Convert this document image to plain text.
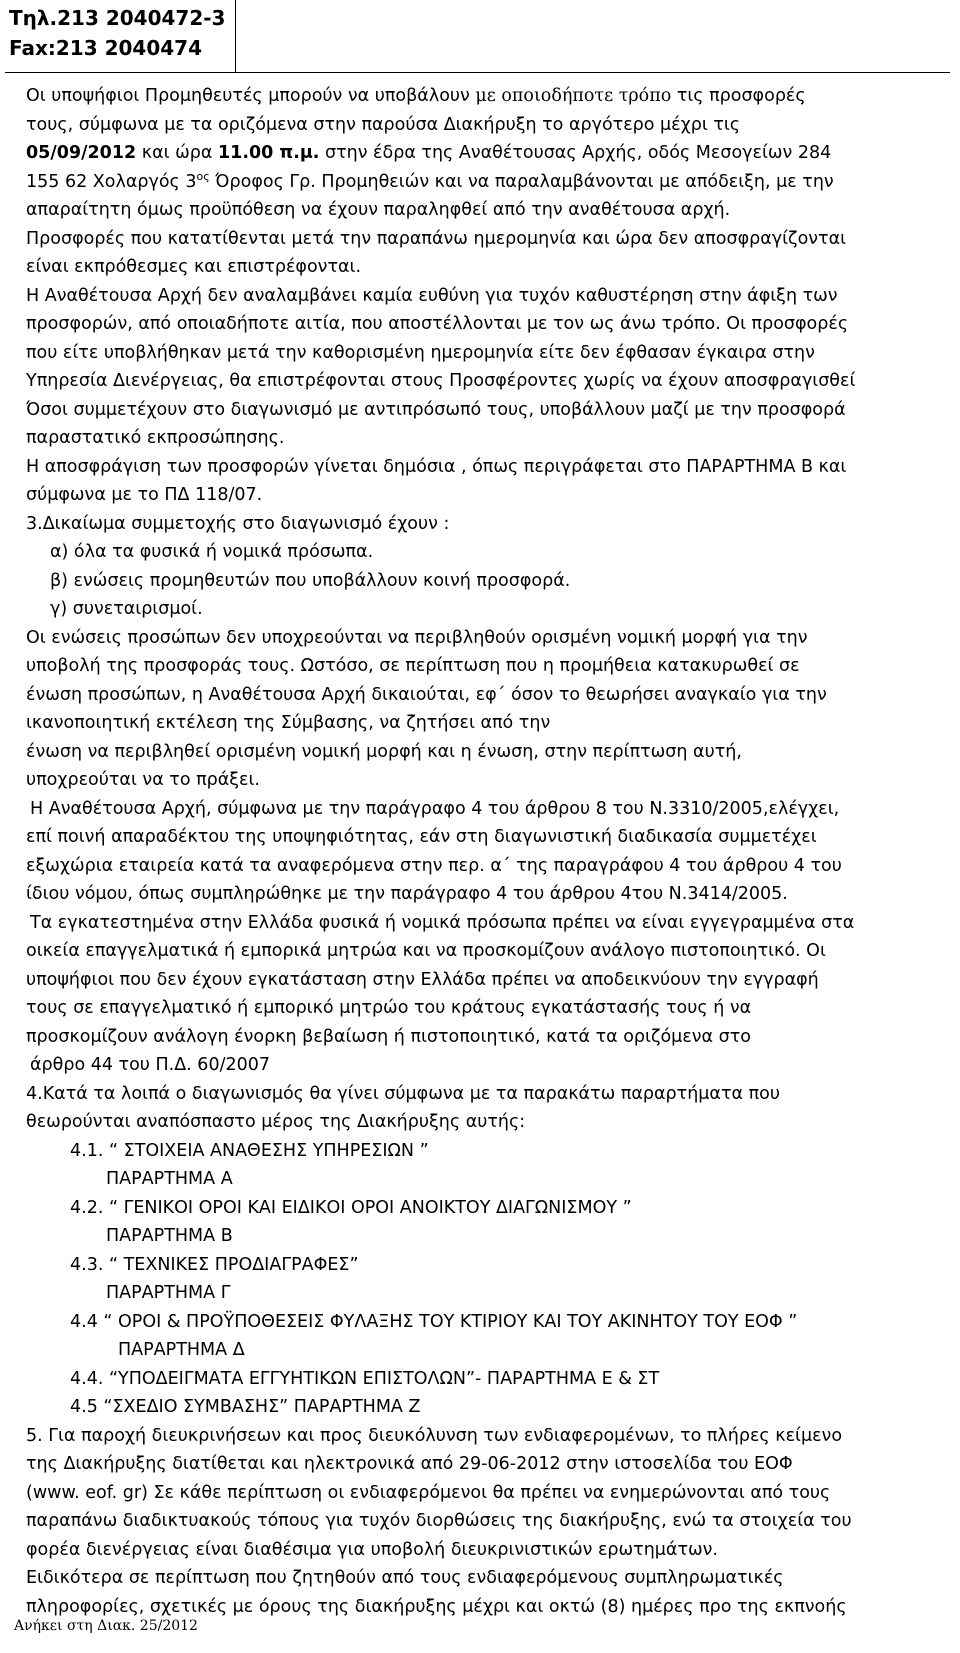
Τηλ.213 2040472-3
Fax:213 2040474
Οι υποψήφιοι Προμηθευτές μπορούν να υποβάλουν με οποιοδήποτε τρόπο τις προσφορές
τους, σύμφωνα με τα οριζόμενα στην παρούσα Διακήρυξη το αργότερο μέχρι τις
05/09/2012 και ώρα 11.00 π.μ. στην έδρα της Αναθέτουσας Αρχής, οδός Μεσογείων 284
155 62 Χολαργός $3^{o\varsigma}$ Όροφος Γρ. Προμηθειών και να παραλαμβάνονται με απόδειξη, με την
απαραίτητη όμως προϋπόθεση να έχουν παραληφθεί από την αναθέτουσα αρχή.
Προσφορές που κατατίθενται μετά την παραπάνω ημερομηνία και ώρα δεν αποσφραγίζονται
είναι εκπρόθεσμες και επιστρέφονται.
Η Αναθέτουσα Αρχή δεν αναλαμβάνει καμία ευθύνη για τυχόν καθυστέρηση στην άφιξη των
προσφορών, από οποιαδήποτε αιτία, που αποστέλλονται με τον ως άνω τρόπο. Οι προσφορές
που είτε υποβλήθηκαν μετά την καθορισμένη ημερομηνία είτε δεν έφθασαν έγκαιρα στην
Υπηρεσία Διενέργειας, θα επιστρέφονται στους Προσφέροντες χωρίς να έχουν αποσφραγισθεί
Όσοι συμμετέχουν στο διαγωνισμό με αντιπρόσωπό τους, υποβάλλουν μαζί με την προσφορά
παραστατικό εκπροσώπησης.
Η αποσφράγιση των προσφορών γίνεται δημόσια , όπως περιγράφεται στο ΠΑΡΑΡΤΗΜΑ Β και
σύμφωνα με το ΠΔ 118/07.
3.Δικαίωμα συμμετοχής στο διαγωνισμό έχουν :
α) όλα τα φυσικά ή νομικά πρόσωπα.
β) ενώσεις προμηθευτών που υποβάλλουν κοινή προσφορά.
γ) συνεταιρισμοί.
Οι ενώσεις προσώπων δεν υποχρεούνται να περιβληθούν ορισμένη νομική μορφή για την
υποβολή της προσφοράς τους. Ωστόσο, σε περίπτωση που η προμήθεια κατακυρωθεί σε
ένωση προσώπων, η Αναθέτουσα Αρχή δικαιούται, εφ΄ όσον το θεωρήσει αναγκαίο για την
ικανοποιητική εκτέλεση της Σύμβασης, να ζητήσει από την
ένωση να περιβληθεί ορισμένη νομική μορφή και η ένωση, στην περίπτωση αυτή,
υποχρεούται να το πράξει.
Η Αναθέτουσα Αρχή, σύμφωνα με την παράγραφο 4 του άρθρου 8 του Ν.3310/2005,ελέγχει,
επί ποινή απαραδέκτου της υποψηφιότητας, εάν στη διαγωνιστική διαδικασία συμμετέχει
εξωχώρια εταιρεία κατά τα αναφερόμενα στην περ. α΄ της παραγράφου 4 του άρθρου 4 του
ίδιου νόμου, όπως συμπληρώθηκε με την παράγραφο 4 του άρθρου 4του Ν.3414/2005.
Τα εγκατεστημένα στην Ελλάδα φυσικά ή νομικά πρόσωπα πρέπει να είναι εγγεγραμμένα στα
οικεία επαγγελματικά ή εμπορικά μητρώα και να προσκομίζουν ανάλογο πιστοποιητικό. Οι
υποψήφιοι που δεν έχουν εγκατάσταση στην Ελλάδα πρέπει να αποδεικνύουν την εγγραφή
τους σε επαγγελματικό ή εμπορικό μητρώο του κράτους εγκατάστασής τους ή να
προσκομίζουν ανάλογη ένορκη βεβαίωση ή πιστοποιητικό, κατά τα οριζόμενα στο
άρθρο 44 του Π.Δ. 60/2007
4.Κατά τα λοιπά ο διαγωνισμός θα γίνει σύμφωνα με τα παρακάτω παραρτήματα που
θεωρούνται αναπόσπαστο μέρος της Διακήρυξης αυτής:
4.1. “ ΣΤΟΙΧΕΙΑ ΑΝΑΘΕΣΗΣ ΥΠΗΡΕΣΙΩΝ ”
ΠΑΡΑΡΤΗΜΑ Α
4.2. “ ΓΕΝΙΚΟΙ ΟΡΟΙ ΚΑΙ ΕΙΔΙΚΟΙ ΟΡΟΙ ΑΝΟΙΚΤΟΥ ΔΙΑΓΩΝΙΣΜΟΥ ”
ΠΑΡΑΡΤΗΜΑ Β
4.3. “ ΤΕΧΝΙΚΕΣ ΠΡΟΔΙΑΓΡΑΦΕΣ”
ΠΑΡΑΡΤΗΜΑ Γ
4.4 “ ΟΡΟΙ & ΠΡΟΫΠΟΘΕΣΕΙΣ ΦΥΛΑΞΗΣ ΤΟΥ ΚΤΙΡΙΟΥ ΚΑΙ ΤΟΥ ΑΚΙΝΗΤΟΥ ΤΟΥ ΕΟΦ ”
ΠΑΡΑΡΤΗΜΑ Δ
4.4. “ΥΠΟΔΕΙΓΜΑΤΑ ΕΓΓΥΗΤΙΚΩΝ ΕΠΙΣΤΟΛΩΝ”- ΠΑΡΑΡΤΗΜΑ Ε & ΣΤ
4.5 “ΣΧΕΔΙΟ ΣΥΜΒΑΣΗΣ” ΠΑΡΑΡΤΗΜΑ Ζ
5. Για παροχή διευκρινήσεων και προς διευκόλυνση των ενδιαφερομένων, το πλήρες κείμενο
της Διακήρυξης διατίθεται και ηλεκτρονικά από 29-06-2012 στην ιστοσελίδα του ΕΟΦ
(www. eof. gr) Σε κάθε περίπτωση οι ενδιαφερόμενοι θα πρέπει να ενημερώνονται από τους
παραπάνω διαδικτυακούς τόπους για τυχόν διορθώσεις της διακήρυξης, ενώ τα στοιχεία του
φορέα διενέργειας είναι διαθέσιμα για υποβολή διευκρινιστικών ερωτημάτων.
Ειδικότερα σε περίπτωση που ζητηθούν από τους ενδιαφερόμενους συμπληρωματικές
πληροφορίες, σχετικές με όρους της διακήρυξης μέχρι και οκτώ (8) ημέρες προ της εκπνοής
Ανήκει στη Διακ. 25/2012
